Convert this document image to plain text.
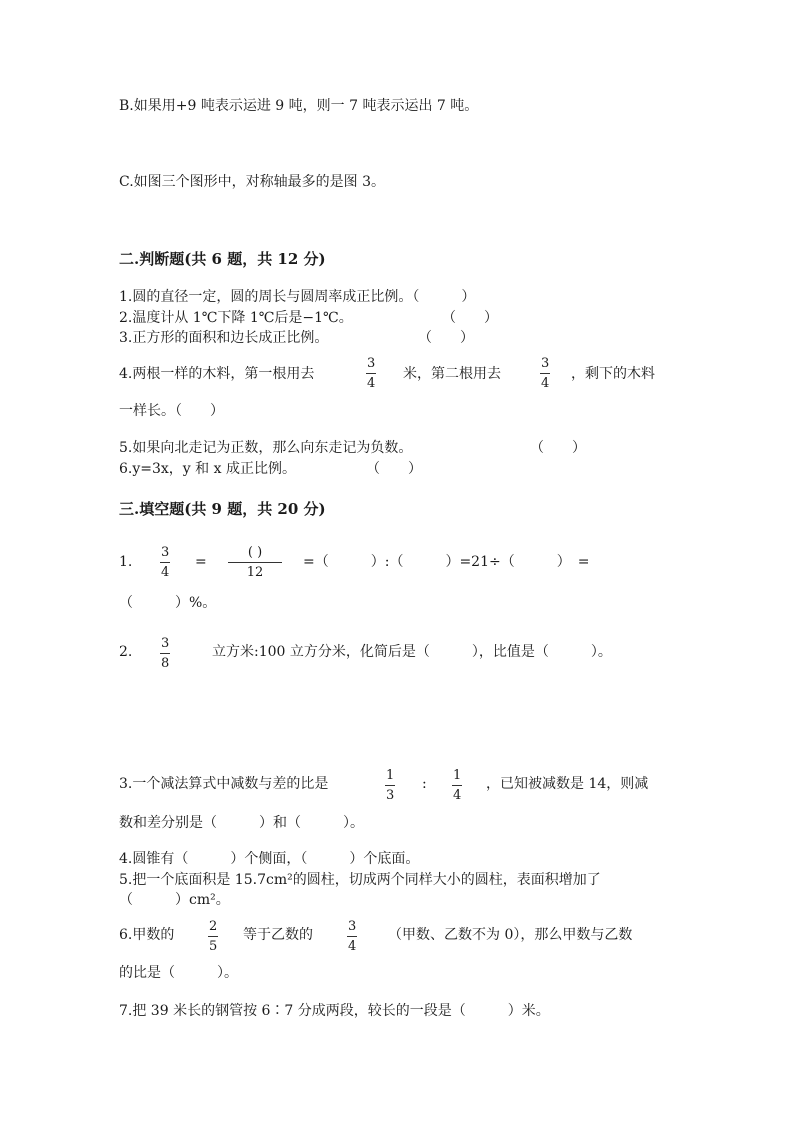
B.如果用+9 吨表示运进 9 吨，则一 7 吨表示运出 7 吨。
C.如图三个图形中，对称轴最多的是图 3。
二.判断题(共 6 题，共 12 分)
1.圆的直径一定，圆的周长与圆周率成正比例。（　　　）
2.温度计从 1℃下降 1℃后是−1℃。	（　　）
3.正方形的面积和边长成正比例。	（　　）
4.两根一样的木料，第一根用去
3
4
米，第二根用去
3
4
，剩下的木料
一样长。（　　）
5.如果向北走记为正数，那么向东走记为负数。	（　　）
6.y=3x，y 和 x 成正比例。	（　　）
三.填空题(共 9 题，共 20 分)
1.
3
4
=
( )
12
=（　　　）:（　　　）=21÷（　　　）　=
（　　　）%。
2.
3
8
立方米:100 立方分米，化简后是（　　　），比值是（　　　）。
3.一个减法算式中减数与差的比是
1
3
:
1
4
，已知被减数是 14，则减
数和差分别是（　　　）和（　　　）。
4.圆锥有（　　　）个侧面，（　　　）个底面。
5.把一个底面积是 15.7cm²的圆柱，切成两个同样大小的圆柱，表面积增加了
（　　　）cm²。
6.甲数的
2
5
等于乙数的
3
4
（甲数、乙数不为 0），那么甲数与乙数
的比是（　　　）。
7.把 39 米长的钢管按 6∶7 分成两段，较长的一段是（　　　）米。
